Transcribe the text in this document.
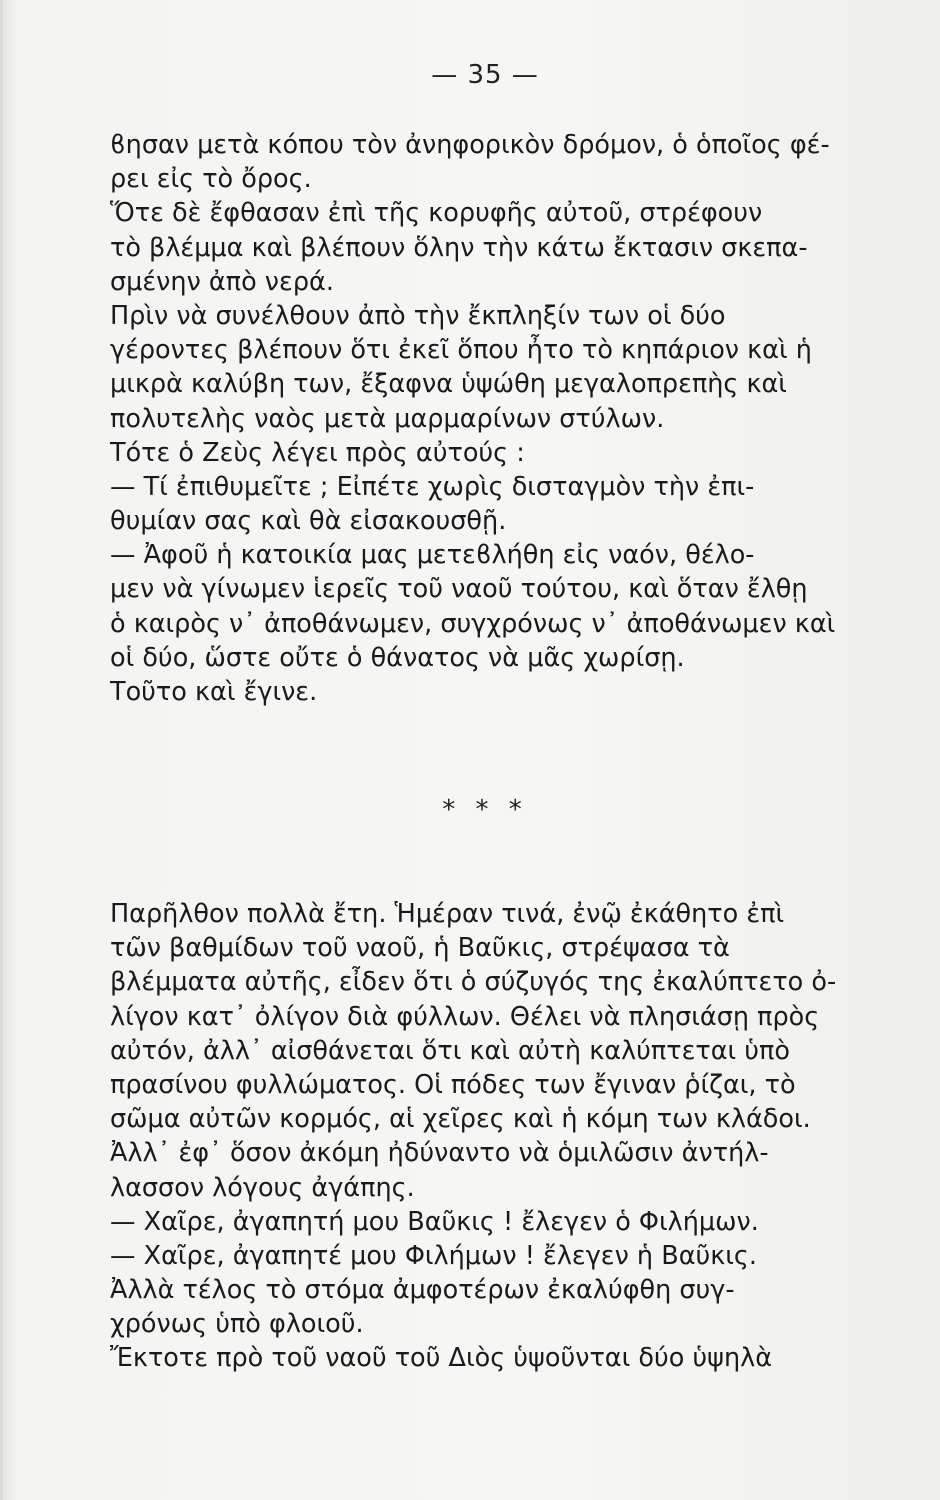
— 35 —
ϐησαν μετὰ κόπου τὸν ἀνηφορικὸν δρόμον, ὁ ὁποῖος φέ-
ρει εἰς τὸ ὄρος.
Ὅτε δὲ ἔφθασαν ἐπὶ τῆς κορυφῆς αὐτοῦ, στρέφουν
τὸ βλέμμα καὶ βλέπουν ὅλην τὴν κάτω ἔκτασιν σκεπα-
σμένην ἀπὸ νερά.
Πρὶν νὰ συνέλθουν ἀπὸ τὴν ἔκπληξίν των οἱ δύο
γέροντες βλέπουν ὅτι ἐκεῖ ὅπου ἦτο τὸ κηπάριον καὶ ἡ
μικρὰ καλύβη των, ἔξαφνα ὑψώθη μεγαλοπρεπὴς καὶ
πολυτελὴς ναὸς μετὰ μαρμαρίνων στύλων.
Τότε ὁ Ζεὺς λέγει πρὸς αὐτούς :
— Τί ἐπιθυμεῖτε ; Εἰπέτε χωρὶς δισταγμὸν τὴν ἐπι-
θυμίαν σας καὶ θὰ εἰσακουσθῇ.
— Ἀφοῦ ἡ κατοικία μας μετεϐλήθη εἰς ναόν, θέλο-
μεν νὰ γίνωμεν ἱερεῖς τοῦ ναοῦ τούτου, καὶ ὅταν ἔλθῃ
ὁ καιρὸς ν᾽ ἀποθάνωμεν, συγχρόνως ν᾽ ἀποθάνωμεν καὶ
οἱ δύο, ὥστε οὔτε ὁ θάνατος νὰ μᾶς χωρίσῃ.
Τοῦτο καὶ ἔγινε.
* * *
Παρῆλθον πολλὰ ἔτη. Ἡμέραν τινά, ἐνῷ ἐκάθητο ἐπὶ
τῶν βαθμίδων τοῦ ναοῦ, ἡ Βαῦκις, στρέψασα τὰ
βλέμματα αὐτῆς, εἶδεν ὅτι ὁ σύζυγός της ἐκαλύπτετο ὀ-
λίγον κατ᾽ ὀλίγον διὰ φύλλων. Θέλει νὰ πλησιάσῃ πρὸς
αὐτόν, ἀλλ᾽ αἰσθάνεται ὅτι καὶ αὐτὴ καλύπτεται ὑπὸ
πρασίνου φυλλώματος. Οἱ πόδες των ἔγιναν ῥίζαι, τὸ
σῶμα αὐτῶν κορμός, αἱ χεῖρες καὶ ἡ κόμη των κλάδοι.
Ἀλλ᾽ ἐφ᾽ ὅσον ἀκόμη ἠδύναντο νὰ ὁμιλῶσιν ἀντήλ-
λασσον λόγους ἀγάπης.
— Χαῖρε, ἀγαπητή μου Βαῦκις ! ἔλεγεν ὁ Φιλήμων.
— Χαῖρε, ἀγαπητέ μου Φιλήμων ! ἔλεγεν ἡ Βαῦκις.
Ἀλλὰ τέλος τὸ στόμα ἀμφοτέρων ἐκαλύφθη συγ-
χρόνως ὑπὸ φλοιοῦ.
Ἔκτοτε πρὸ τοῦ ναοῦ τοῦ Διὸς ὑψοῦνται δύο ὑψηλὰ
